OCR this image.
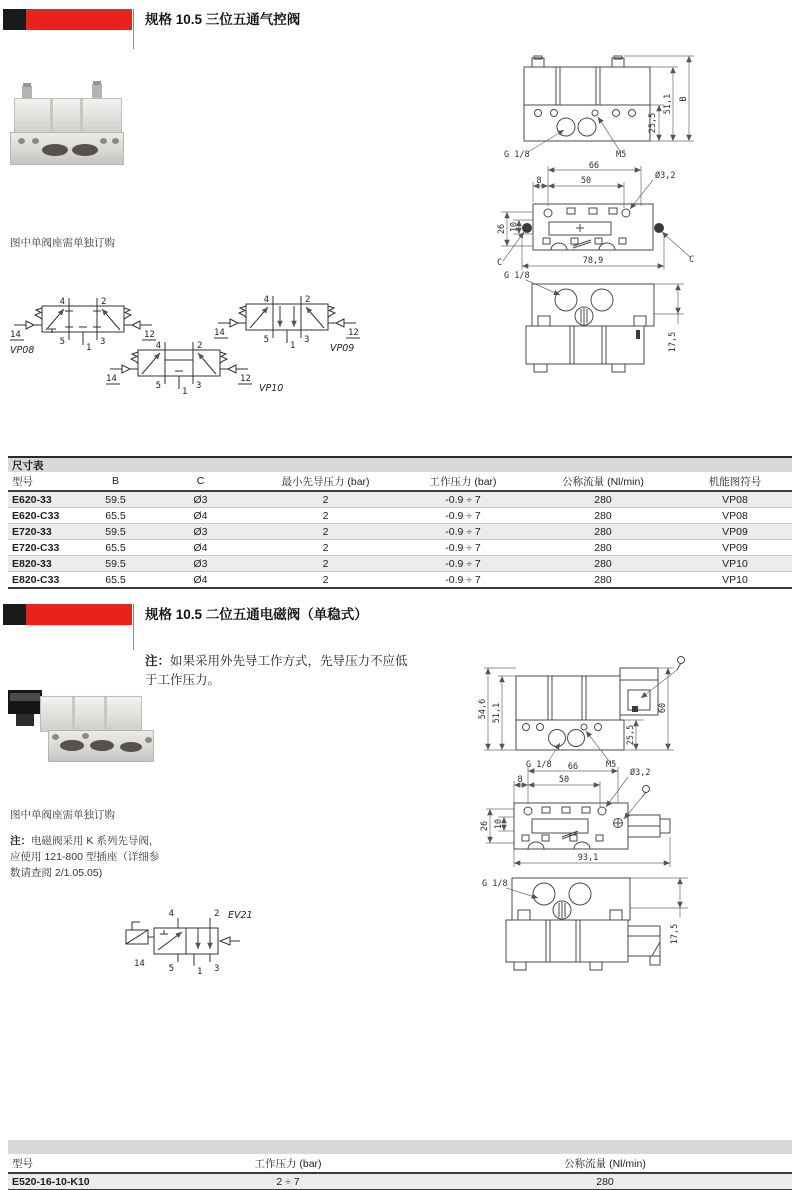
规格 10.5 三位五通气控阀
图中单阀座需单独订购
25,5
51,1 B
G 1/8	M5
66
8	50	Ø3,2
26 10
C	C
78,9
G 1/8
17,5
4	2
5
1
3
14	12
VP08
4	2
5
1
3
14	12
VP09
4	2
5
1
3
14	12
VP10
尺寸表
型号	B	C	最小先导压力 (bar)	工作压力 (bar)	公称流量 (Nl/min)	机能图符号
E620-33	59.5	Ø3	2	-0.9 ÷ 7	280	VP08
E620-C33	65.5	Ø4	2	-0.9 ÷ 7	280	VP08
E720-33	59.5	Ø3	2	-0.9 ÷ 7	280	VP09
E720-C33	65.5	Ø4	2	-0.9 ÷ 7	280	VP09
E820-33	59.5	Ø3	2	-0.9 ÷ 7	280	VP10
E820-C33	65.5	Ø4	2	-0.9 ÷ 7	280	VP10
规格 10.5 二位五通电磁阀（单稳式）
注：如果采用外先导工作方式，先导压力不应低于工作压力。
图中单阀座需单独订购
注：电磁阀采用 K 系列先导阀，应使用 121-800 型插座（详细参数请查阅 2/1.05.05)
4	2
5	1 3
14
EV21
54,6 51,1
25,5
60
G 1/8	M5
66
8	50
Ø3,2
26 10
93,1
G 1/8
17,5
型号	工作压力 (bar)	公称流量 (Nl/min)
E520-16-10-K10	2 ÷ 7	280
